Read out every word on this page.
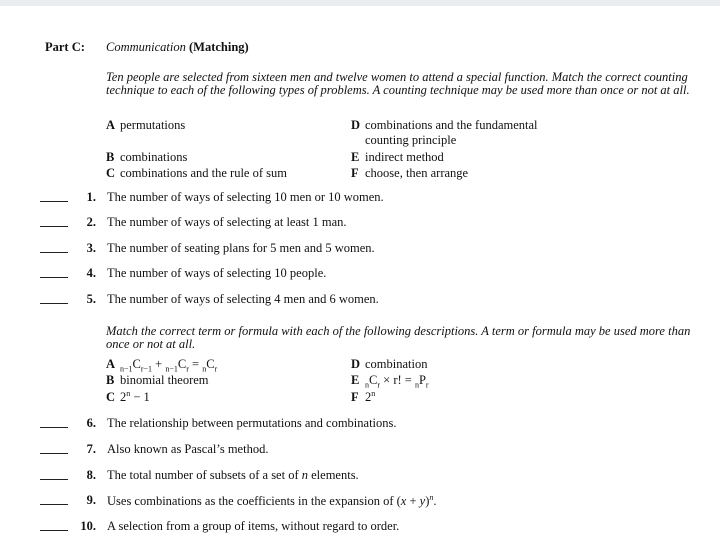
Part C: Communication (Matching)
Ten people are selected from sixteen men and twelve women to attend a special function. Match the correct counting technique to each of the following types of problems. A counting technique may be used more than once or not at all.
A permutations	D combinations and the fundamental
counting principle
B combinations	E indirect method
C combinations and the rule of sum	F choose, then arrange
1. The number of ways of selecting 10 men or 10 women.
2. The number of ways of selecting at least 1 man.
3. The number of seating plans for 5 men and 5 women.
4. The number of ways of selecting 10 people.
5. The number of ways of selecting 4 men and 6 women.
Match the correct term or formula with each of the following descriptions. A term or formula may be used more than once or not at all.
A $_{n-1}C_{r-1} + _{n-1}C_r = _nC_r$	D combination
B binomial theorem	E $_nC_r \times r$! = $_nP_r$
C $2^n - 1$	F 2$^n$
6. The relationship between permutations and combinations.
7. Also known as Pascal’s method.
8. The total number of subsets of a set of n elements.
9. Uses combinations as the coefficients in the expansion of $(x + y)^n$.
10. A selection from a group of items, without regard to order.
